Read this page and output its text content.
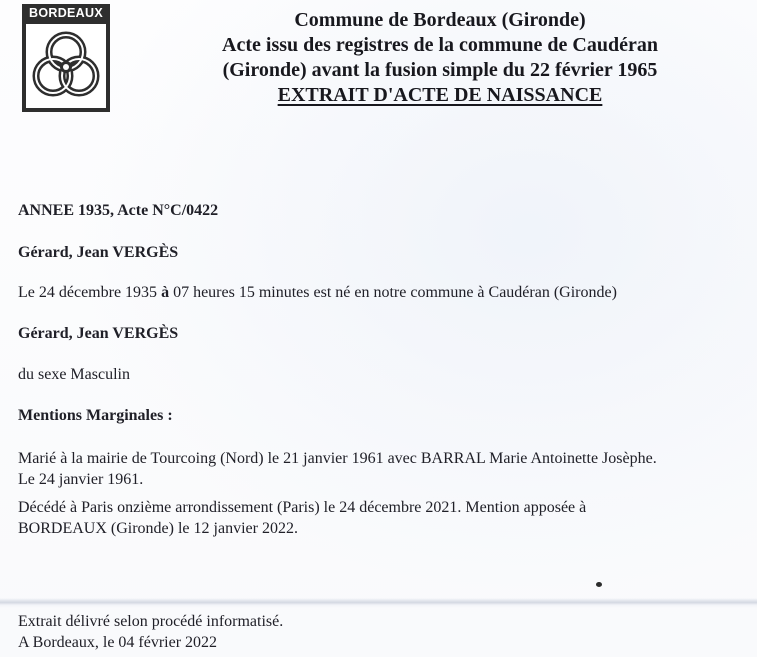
BORDEAUX	Commune de Bordeaux (Gironde)
Acte issu des registres de la commune de Caudéran
(Gironde) avant la fusion simple du 22 février 1965
EXTRAIT D'ACTE DE NAISSANCE
ANNEE 1935, Acte N°C/0422
Gérard, Jean VERGÈS
Le 24 décembre 1935 à 07 heures 15 minutes est né en notre commune à Caudéran (Gironde)
Gérard, Jean VERGÈS
du sexe Masculin
Mentions Marginales :
Marié à la mairie de Tourcoing (Nord) le 21 janvier 1961 avec BARRAL Marie Antoinette Josèphe.
Le 24 janvier 1961.
Décédé à Paris onzième arrondissement (Paris) le 24 décembre 2021. Mention apposée à
BORDEAUX (Gironde) le 12 janvier 2022.
Extrait délivré selon procédé informatisé.
A Bordeaux, le 04 février 2022
